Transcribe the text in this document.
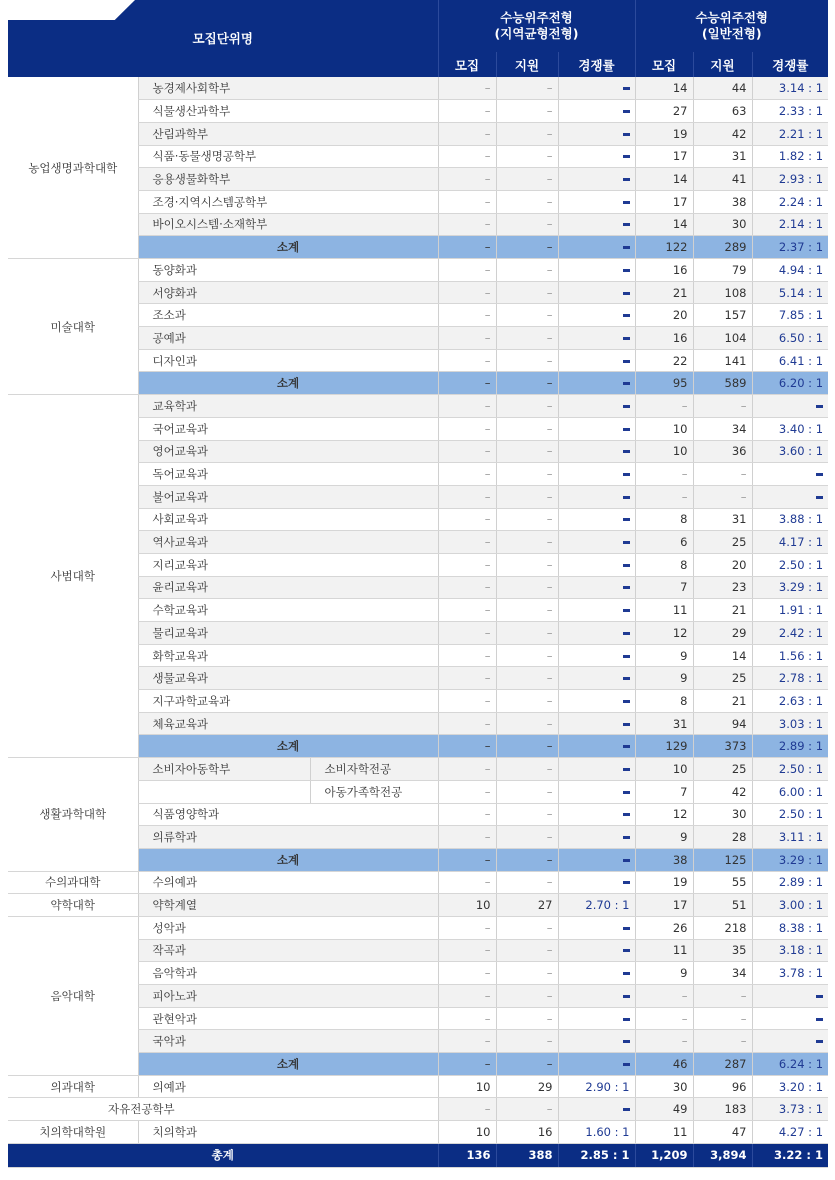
모집단위명			수능위주전형
(지역균형전형)			수능위주전형
(일반전형)		
			모집	지원	경쟁률	모집	지원	경쟁률
농업생명과학대학	농경제사회학부		–	–		14	44	3.14 : 1
	식물생산과학부		–	–		27	63	2.33 : 1
	산림과학부		–	–		19	42	2.21 : 1
	식품·동물생명공학부		–	–		17	31	1.82 : 1
	응용생물화학부		–	–		14	41	2.93 : 1
	조경·지역시스템공학부		–	–		17	38	2.24 : 1
	바이오시스템·소재학부		–	–		14	30	2.14 : 1
	소계		–	–		122	289	2.37 : 1
미술대학	동양화과		–	–		16	79	4.94 : 1
	서양화과		–	–		21	108	5.14 : 1
	조소과		–	–		20	157	7.85 : 1
	공예과		–	–		16	104	6.50 : 1
	디자인과		–	–		22	141	6.41 : 1
	소계		–	–		95	589	6.20 : 1
사범대학	교육학과		–	–		–	–	
	국어교육과		–	–		10	34	3.40 : 1
	영어교육과		–	–		10	36	3.60 : 1
	독어교육과		–	–		–	–	
	불어교육과		–	–		–	–	
	사회교육과		–	–		8	31	3.88 : 1
	역사교육과		–	–		6	25	4.17 : 1
	지리교육과		–	–		8	20	2.50 : 1
	윤리교육과		–	–		7	23	3.29 : 1
	수학교육과		–	–		11	21	1.91 : 1
	물리교육과		–	–		12	29	2.42 : 1
	화학교육과		–	–		9	14	1.56 : 1
	생물교육과		–	–		9	25	2.78 : 1
	지구과학교육과		–	–		8	21	2.63 : 1
	체육교육과		–	–		31	94	3.03 : 1
	소계		–	–		129	373	2.89 : 1
생활과학대학	소비자아동학부	소비자학전공	–	–		10	25	2.50 : 1
		아동가족학전공	–	–		7	42	6.00 : 1
	식품영양학과		–	–		12	30	2.50 : 1
	의류학과		–	–		9	28	3.11 : 1
	소계		–	–		38	125	3.29 : 1
수의과대학	수의예과		–	–		19	55	2.89 : 1
약학대학	약학계열		10	27	2.70 : 1	17	51	3.00 : 1
음악대학	성악과		–	–		26	218	8.38 : 1
	작곡과		–	–		11	35	3.18 : 1
	음악학과		–	–		9	34	3.78 : 1
	피아노과		–	–		–	–	
	관현악과		–	–		–	–	
	국악과		–	–		–	–	
	소계		–	–		46	287	6.24 : 1
의과대학	의예과		10	29	2.90 : 1	30	96	3.20 : 1
자유전공학부			–	–		49	183	3.73 : 1
치의학대학원	치의학과		10	16	1.60 : 1	11	47	4.27 : 1
총계			136	388	2.85 : 1	1,209	3,894	3.22 : 1
